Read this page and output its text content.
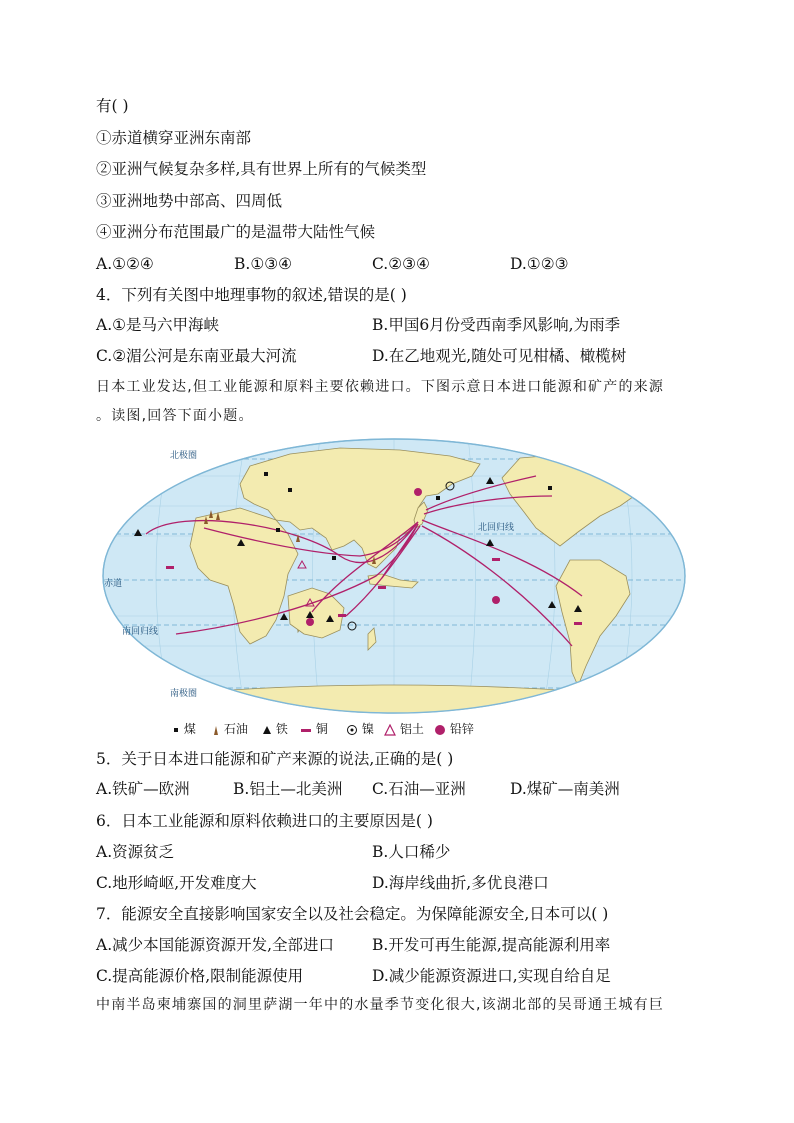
有( )
①赤道横穿亚洲东南部
②亚洲气候复杂多样,具有世界上所有的气候类型
③亚洲地势中部高、四周低
④亚洲分布范围最广的是温带大陆性气候
A.①②④	B.①③④	C.②③④	D.①②③
4．下列有关图中地理事物的叙述,错误的是( )
A.①是马六甲海峡	B.甲国6月份受西南季风影响,为雨季
C.②湄公河是东南亚最大河流	D.在乙地观光,随处可见柑橘、橄榄树
日本工业发达,但工业能源和原料主要依赖进口。下图示意日本进口能源和矿产的来源
。读图,回答下面小题。
北极圈
北回归线
赤道
南回归线
南极圈
煤	石油	铁	铜	镍	铝土	铅锌
5．关于日本进口能源和矿产来源的说法,正确的是( )
A.铁矿—欧洲	B.铝土—北美洲 C.石油—亚洲	D.煤矿—南美洲
6．日本工业能源和原料依赖进口的主要原因是( )
A.资源贫乏	B.人口稀少
C.地形崎岖,开发难度大	D.海岸线曲折,多优良港口
7．能源安全直接影响国家安全以及社会稳定。为保障能源安全,日本可以( )
A.减少本国能源资源开发,全部进口 B.开发可再生能源,提高能源利用率
C.提高能源价格,限制能源使用	D.减少能源资源进口,实现自给自足
中南半岛柬埔寨国的洞里萨湖一年中的水量季节变化很大,该湖北部的吴哥通王城有巨
